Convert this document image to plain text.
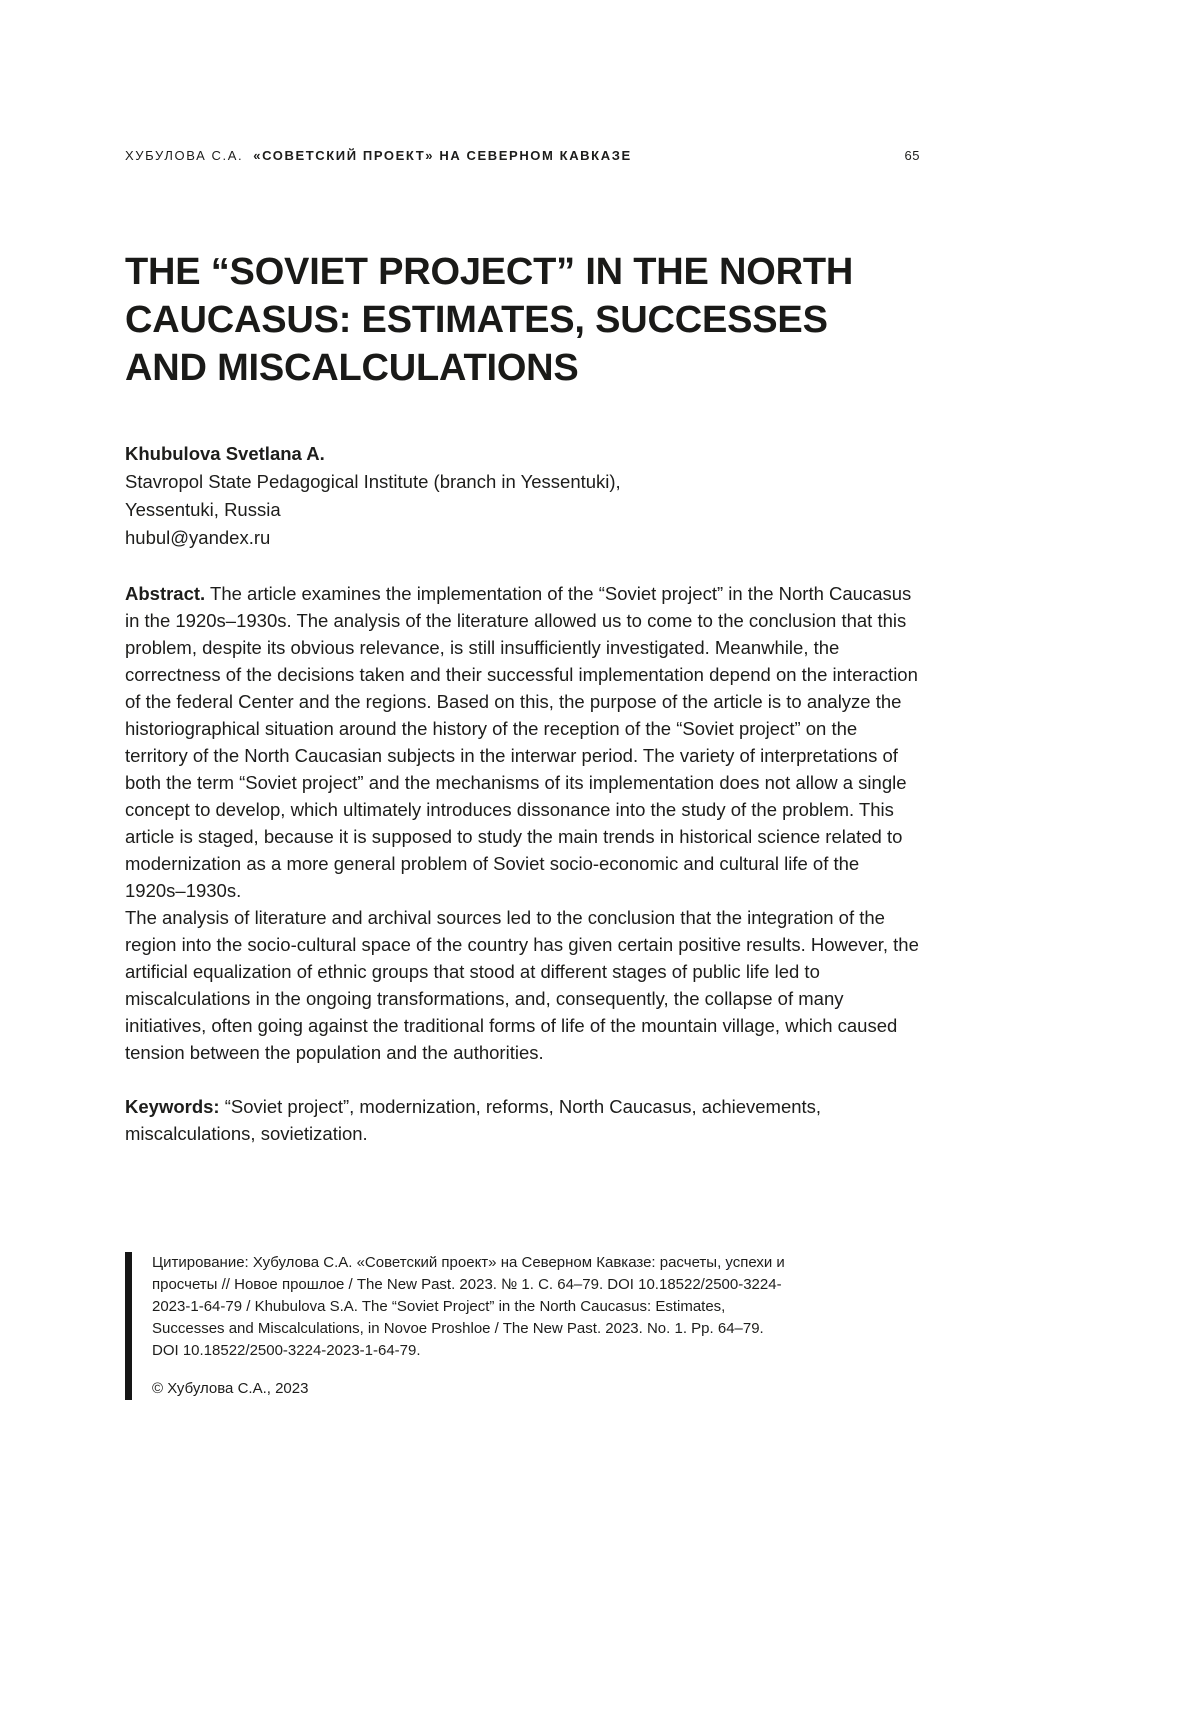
ХУБУЛОВА С.А. «СОВЕТСКИЙ ПРОЕКТ» НА СЕВЕРНОМ КАВКАЗЕ	65
THE “SOVIET PROJECT” IN THE NORTH
CAUCASUS: ESTIMATES, SUCCESSES
AND MISCALCULATIONS

Khubulova Svetlana A.

Stavropol State Pedagogical Institute (branch in Yessentuki),

Yessentuki, Russia

hubul@yandex.ru

Abstract. The article examines the implementation of the “Soviet project” in the North Caucasus in the 1920s–1930s. The analysis of the literature allowed us to come to the conclusion that this problem, despite its obvious relevance, is still insufficiently investigated. Meanwhile, the correctness of the decisions taken and their successful implementation depend on the interaction of the federal Center and the regions. Based on this, the purpose of the article is to analyze the historiographical situation around the history of the reception of the “Soviet project” on the territory of the North Caucasian subjects in the interwar period. The variety of interpretations of both the term “Soviet project” and the mechanisms of its implementation does not allow a single concept to develop, which ultimately introduces dissonance into the study of the problem. This article is staged, because it is supposed to study the main trends in historical science related to modernization as a more general problem of Soviet socio-economic and cultural life of the 1920s–1930s.

The analysis of literature and archival sources led to the conclusion that the integration of the region into the socio-cultural space of the country has given certain positive results. However, the artificial equalization of ethnic groups that stood at different stages of public life led to miscalculations in the ongoing transformations, and, consequently, the collapse of many initiatives, often going against the traditional forms of life of the mountain village, which caused tension between the population and the authorities.

Keywords: “Soviet project”, modernization, reforms, North Caucasus, achievements, miscalculations, sovietization.

Цитирование: Хубулова С.А. «Советский проект» на Северном Кавказе: расчеты, успехи и просчеты // Новое прошлое / The New Past. 2023. № 1. С. 64–79. DOI 10.18522/2500-3224-2023-1-64-79 / Khubulova S.A. The “Soviet Project” in the North Caucasus: Estimates, Successes and Miscalculations, in Novoe Proshloe / The New Past. 2023. No. 1. Pp. 64–79. DOI 10.18522/2500-3224-2023-1-64-79.

© Хубулова С.А., 2023
